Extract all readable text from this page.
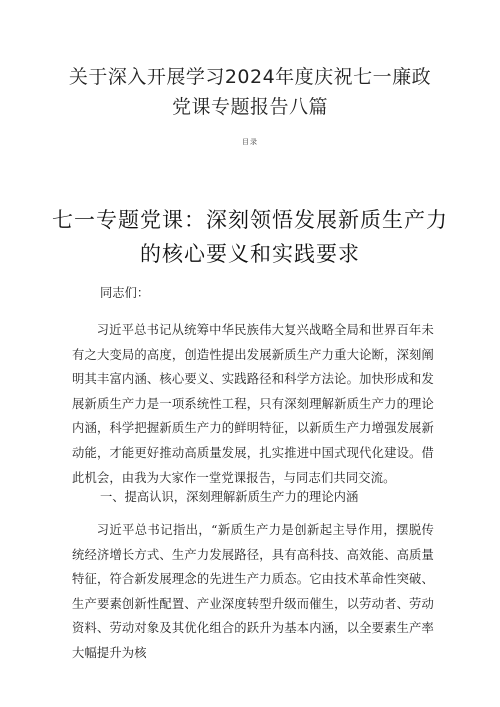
关于深入开展学习2024年度庆祝七一廉政
党课专题报告八篇
目录
七一专题党课：深刻领悟发展新质生产力
的核心要义和实践要求

同志们：

习近平总书记从统筹中华民族伟大复兴战略全局和世界百年未有之大变局的高度，创造性提出发展新质生产力重大论断，深刻阐明其丰富内涵、核心要义、实践路径和科学方法论。加快形成和发展新质生产力是一项系统性工程，只有深刻理解新质生产力的理论内涵，科学把握新质生产力的鲜明特征，以新质生产力增强发展新动能，才能更好推动高质量发展，扎实推进中国式现代化建设。借此机会，由我为大家作一堂党课报告，与同志们共同交流。

一、提高认识，深刻理解新质生产力的理论内涵

习近平总书记指出，“新质生产力是创新起主导作用，摆脱传统经济增长方式、生产力发展路径，具有高科技、高效能、高质量特征，符合新发展理念的先进生产力质态。它由技术革命性突破、生产要素创新性配置、产业深度转型升级而催生，以劳动者、劳动资料、劳动对象及其优化组合的跃升为基本内涵，以全要素生产率大幅提升为核
